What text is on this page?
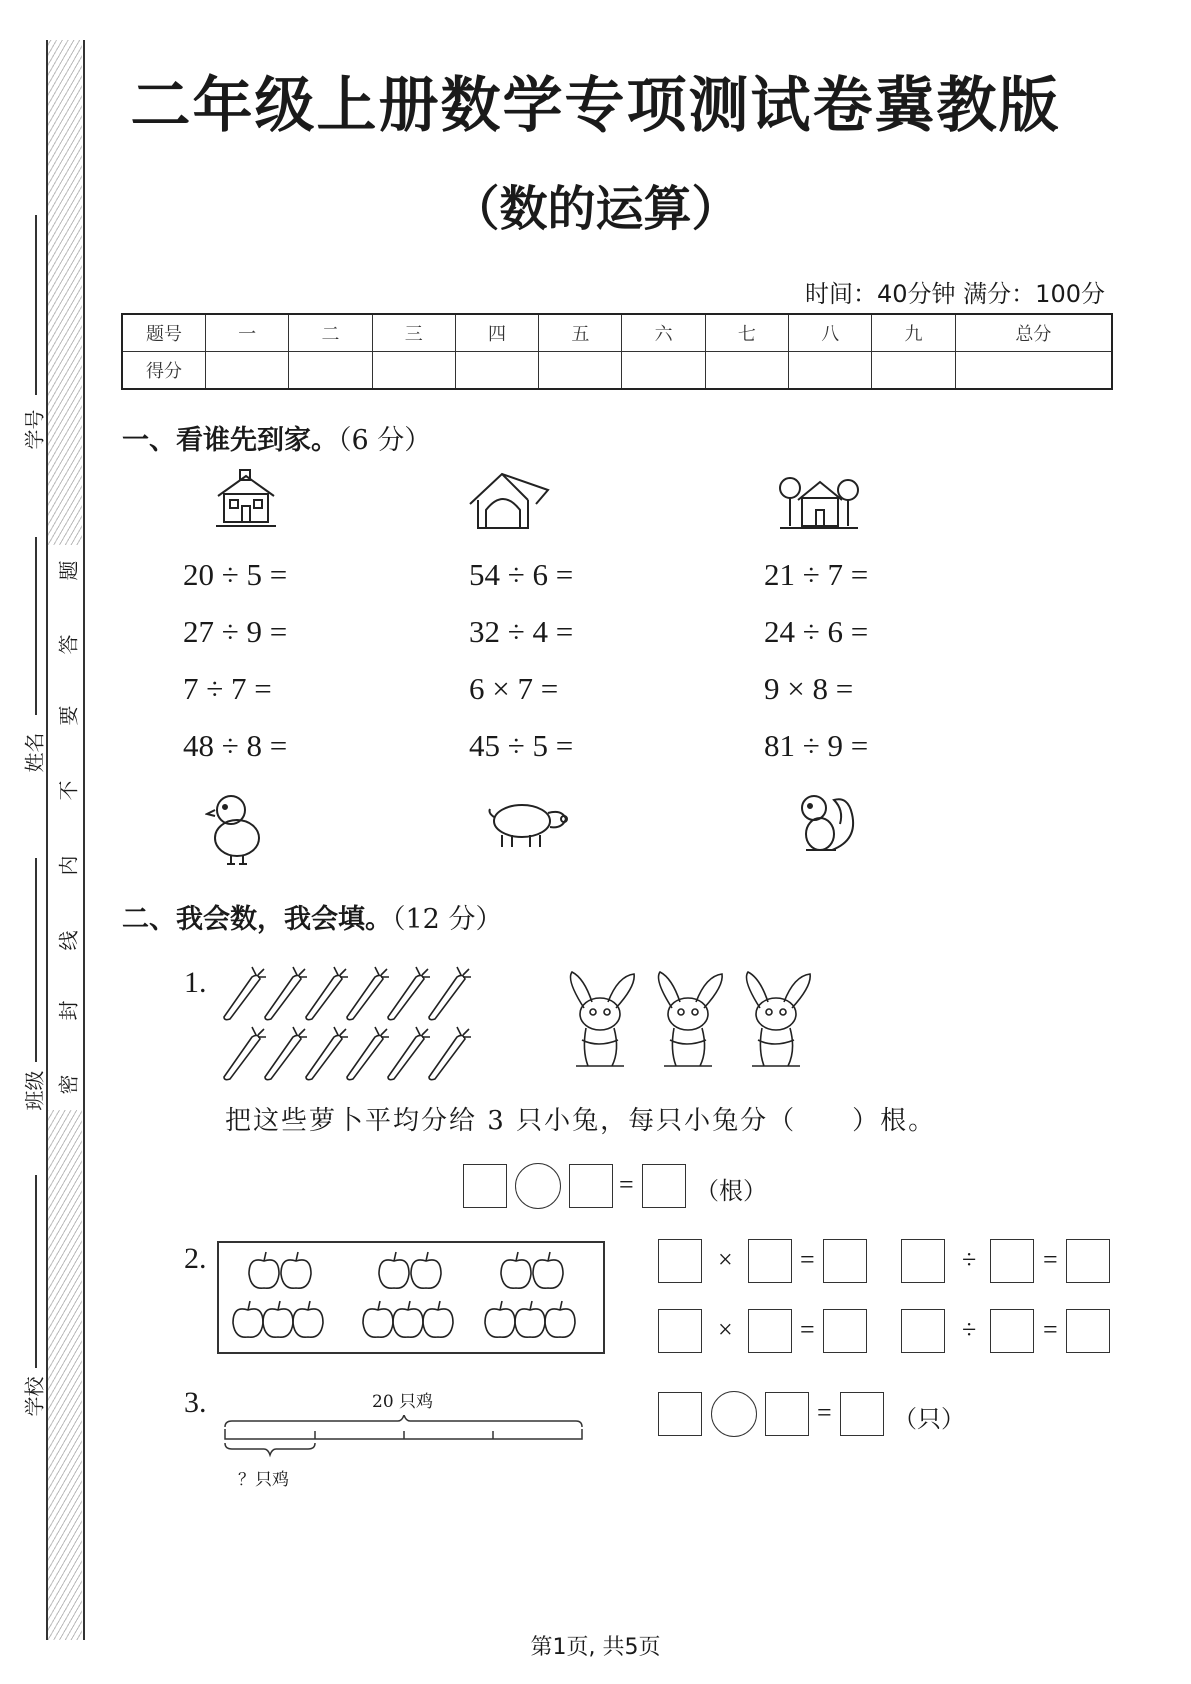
学号
姓名
班级
学校
密
封
线
内
不
要
答
题
二年级上册数学专项测试卷冀教版
（数的运算）
时间：40分钟 满分：100分
题号	一	二	三	四	五	六	七	八	九	总分
得分										
一、看谁先到家。（6 分）
20 ÷ 5 =
27 ÷ 9 =
7 ÷ 7 =
48 ÷ 8 =
54 ÷ 6 =
32 ÷ 4 =
6 × 7 =
45 ÷ 5 =
21 ÷ 7 =
24 ÷ 6 =
9 × 8 =
81 ÷ 9 =
二、我会数，我会填。（12 分）
1.
把这些萝卜平均分给 3 只小兔，每只小兔分（　　）根。
=	（根）
2.	×	=	÷	=
×	=	÷	=
3.	20 只鸡
？只鸡
=	（只）
第1页, 共5页
